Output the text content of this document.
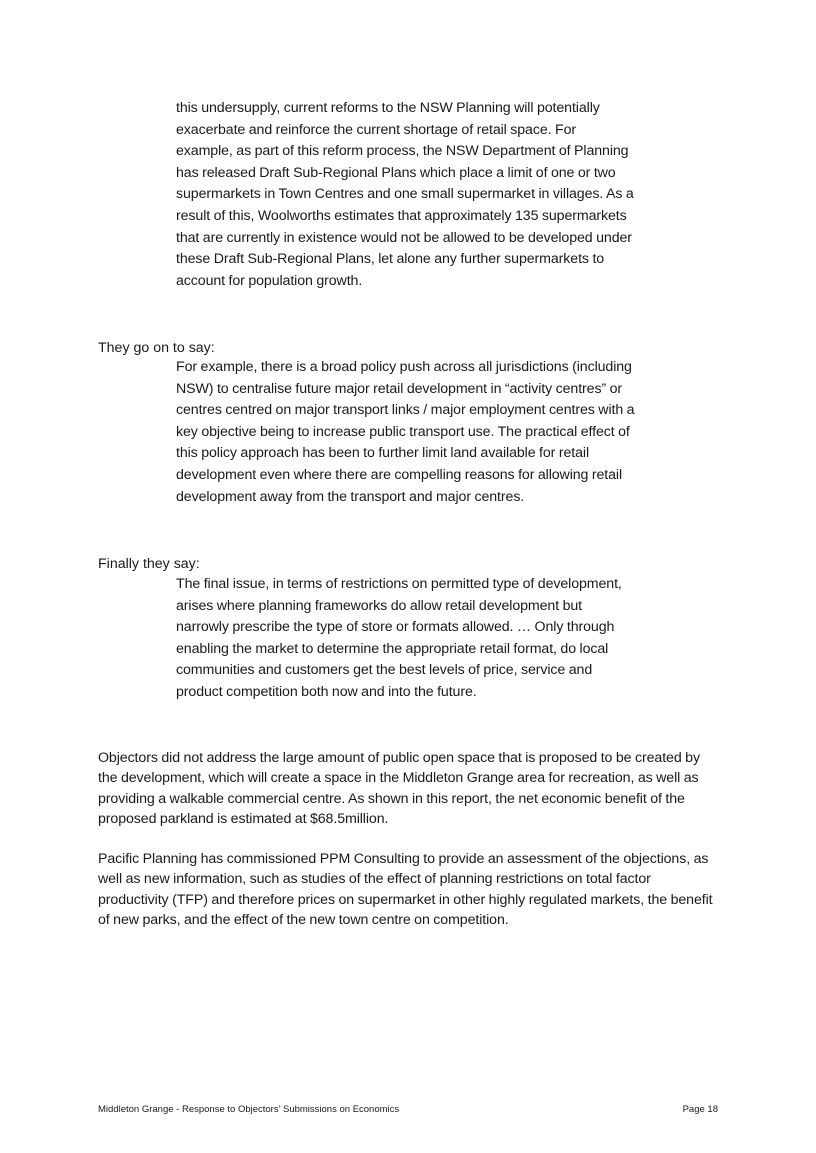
this undersupply, current reforms to the NSW Planning will potentially exacerbate and reinforce the current shortage of retail space. For example, as part of this reform process, the NSW Department of Planning has released Draft Sub-Regional Plans which place a limit of one or two supermarkets in Town Centres and one small supermarket in villages. As a result of this, Woolworths estimates that approximately 135 supermarkets that are currently in existence would not be allowed to be developed under these Draft Sub-Regional Plans, let alone any further supermarkets to account for population growth.

They go on to say:

For example, there is a broad policy push across all jurisdictions (including NSW) to centralise future major retail development in “activity centres” or centres centred on major transport links / major employment centres with a key objective being to increase public transport use. The practical effect of this policy approach has been to further limit land available for retail development even where there are compelling reasons for allowing retail development away from the transport and major centres.

Finally they say:

The final issue, in terms of restrictions on permitted type of development, arises where planning frameworks do allow retail development but narrowly prescribe the type of store or formats allowed. … Only through enabling the market to determine the appropriate retail format, do local communities and customers get the best levels of price, service and product competition both now and into the future.

Objectors did not address the large amount of public open space that is proposed to be created by the development, which will create a space in the Middleton Grange area for recreation, as well as providing a walkable commercial centre. As shown in this report, the net economic benefit of the proposed parkland is estimated at $68.5million.

Pacific Planning has commissioned PPM Consulting to provide an assessment of the objections, as well as new information, such as studies of the effect of planning restrictions on total factor productivity (TFP) and therefore prices on supermarket in other highly regulated markets, the benefit of new parks, and the effect of the new town centre on competition.

Middleton Grange - Response to Objectors’ Submissions on Economics	Page 18
